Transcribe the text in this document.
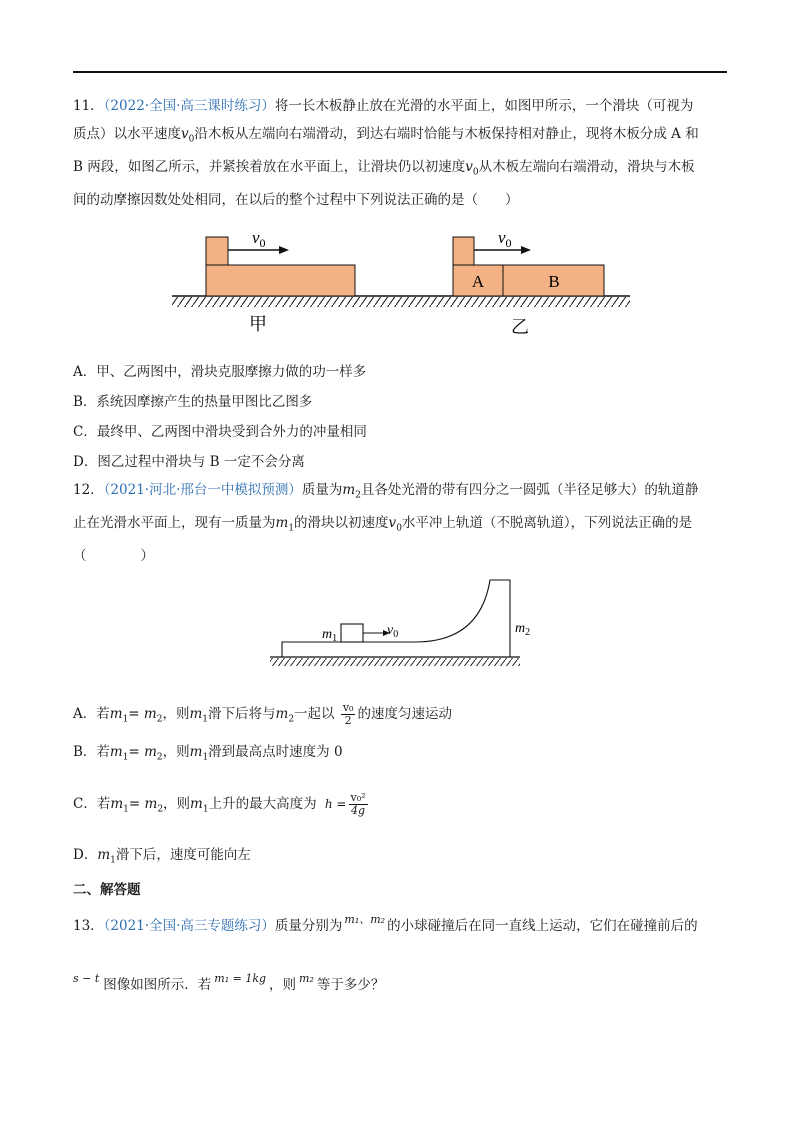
11．（2022·全国·高三课时练习）将一长木板静止放在光滑的水平面上，如图甲所示，一个滑块（可视为
质点）以水平速度$v_0$沿木板从左端向右端滑动，到达右端时恰能与木板保持相对静止，现将木板分成 A 和
B 两段，如图乙所示，并紧挨着放在水平面上，让滑块仍以初速度$v_0$从木板左端向右端滑动，滑块与木板
间的动摩擦因数处处相同，在以后的整个过程中下列说法正确的是（　　）
$v_0$
甲
A	B
$v_0$
乙
A．甲、乙两图中，滑块克服摩擦力做的功一样多
B．系统因摩擦产生的热量甲图比乙图多
C．最终甲、乙两图中滑块受到合外力的冲量相同
D．图乙过程中滑块与 B 一定不会分离
12．（2021·河北·邢台一中模拟预测）质量为$m_2$且各处光滑的带有四分之一圆弧（半径足够大）的轨道静
止在光滑水平面上，现有一质量为$m_1$的滑块以初速度$v_0$水平冲上轨道（不脱离轨道），下列说法正确的是
（　　　　）
$m_1$
$v_0$	$m_2$
A．若$m_1= m_2$，则$m_1$滑下后将与$m_2$一起以 $\frac{\text{v₀}}{2}$ 的速度匀速运动
B．若$m_1= m_2$，则$m_1$滑到最高点时速度为 0
C．若$m_1= m_2$，则$m_1$上升的最大高度为 $h = \frac{\text{v₀²}}{4g}$
D．$m_1$滑下后，速度可能向左
二、解答题
13．（2021·全国·高三专题练习）质量分别为 $^{m_1、m_2}$ 的小球碰撞后在同一直线上运动，它们在碰撞前后的
$^{s - t}$ 图像如图所示．若 $^{m_1 = 1kg}$ ，则 $^{m_2}$ 等于多少？
